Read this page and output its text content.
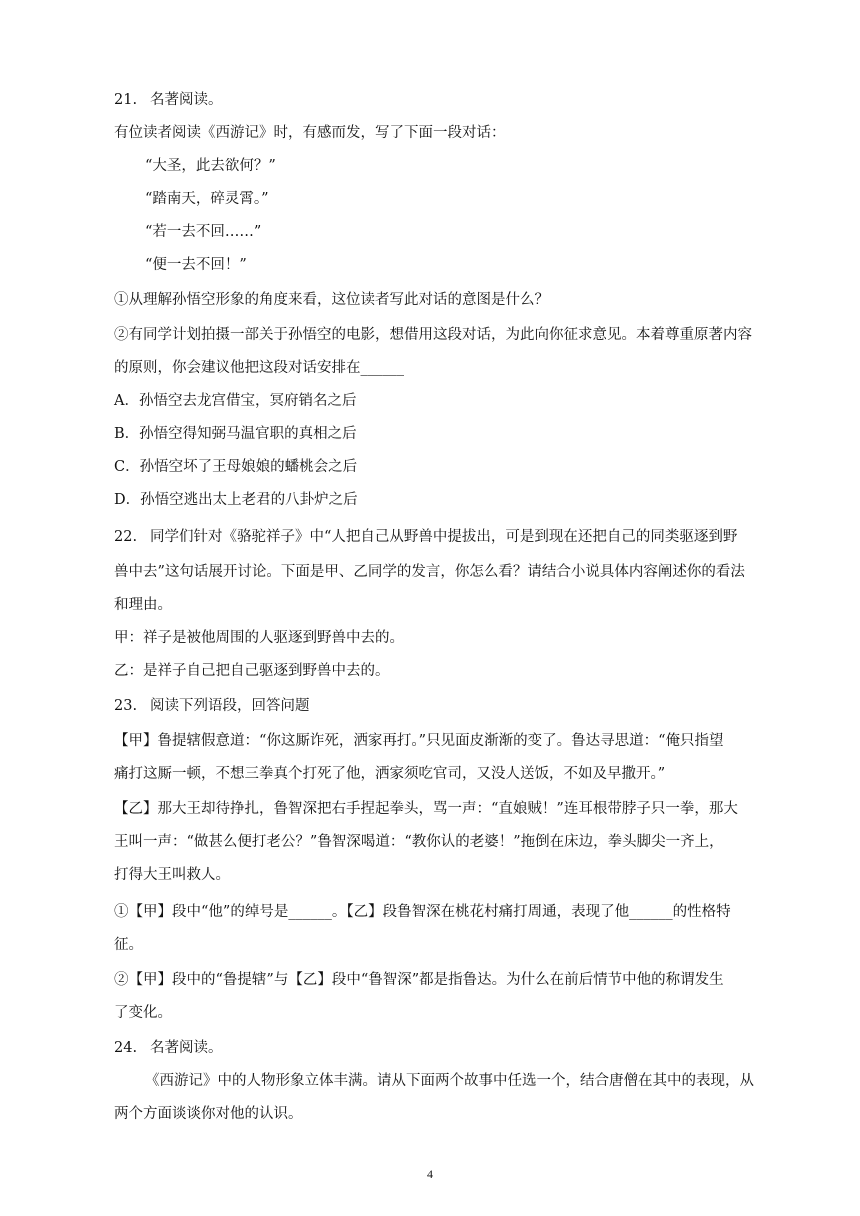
21. 名著阅读。
有位读者阅读《西游记》时，有感而发，写了下面一段对话：
“大圣，此去欲何？”
“踏南天，碎灵霄。”
“若一去不回……”
“便一去不回！”
①从理解孙悟空形象的角度来看，这位读者写此对话的意图是什么？
②有同学计划拍摄一部关于孙悟空的电影，想借用这段对话，为此向你征求意见。本着尊重原著内容
的原则，你会建议他把这段对话安排在______
A．孙悟空去龙宫借宝，冥府销名之后
B．孙悟空得知弼马温官职的真相之后
C．孙悟空坏了王母娘娘的蟠桃会之后
D．孙悟空逃出太上老君的八卦炉之后
22. 同学们针对《骆驼祥子》中“人把自己从野兽中提拔出，可是到现在还把自己的同类驱逐到野
兽中去”这句话展开讨论。下面是甲、乙同学的发言，你怎么看？请结合小说具体内容阐述你的看法
和理由。
甲：祥子是被他周围的人驱逐到野兽中去的。
乙：是祥子自己把自己驱逐到野兽中去的。
23. 阅读下列语段，回答问题
【甲】鲁提辖假意道：“你这厮诈死，洒家再打。”只见面皮渐渐的变了。鲁达寻思道：“俺只指望
痛打这厮一顿，不想三拳真个打死了他，洒家须吃官司，又没人送饭，不如及早撒开。”
【乙】那大王却待挣扎，鲁智深把右手捏起拳头，骂一声：“直娘贼！”连耳根带脖子只一拳，那大
王叫一声：“做甚么便打老公？”鲁智深喝道：“教你认的老婆！”拖倒在床边，拳头脚尖一齐上，
打得大王叫救人。
①【甲】段中“他”的绰号是______。【乙】段鲁智深在桃花村痛打周通，表现了他______的性格特
征。
②【甲】段中的“鲁提辖”与【乙】段中“鲁智深”都是指鲁达。为什么在前后情节中他的称谓发生
了变化。
24. 名著阅读。
《西游记》中的人物形象立体丰满。请从下面两个故事中任选一个，结合唐僧在其中的表现，从
两个方面谈谈你对他的认识。
4
